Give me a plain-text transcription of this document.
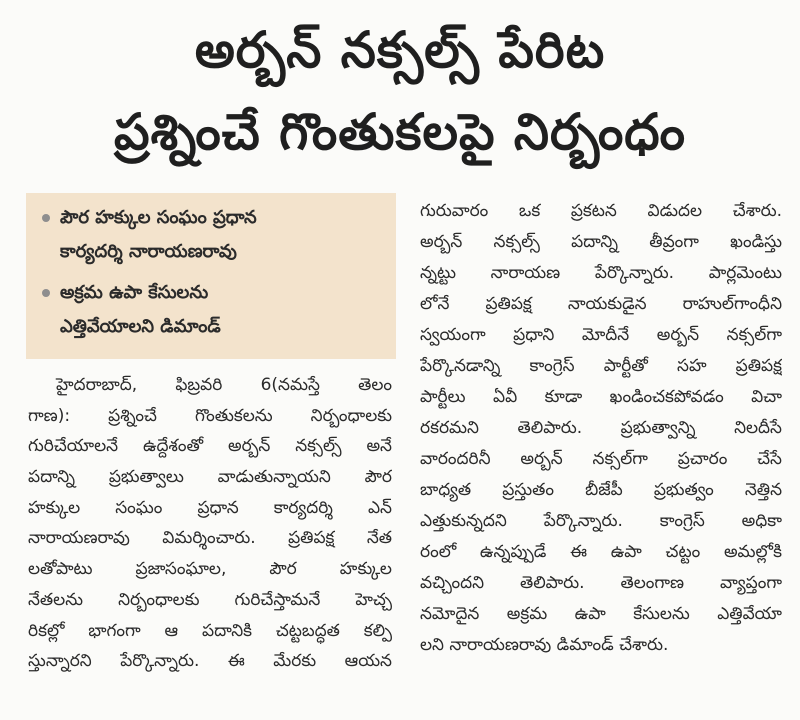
అర్బన్ నక్సల్స్ పేరిట
ప్రశ్నించే గొంతుకలపై నిర్బంధం
పౌర హక్కుల సంఘం ప్రధాన
కార్యదర్శి నారాయణరావు
అక్రమ ఉపా కేసులను
ఎత్తివేయాలని డిమాండ్
హైదరాబాద్, ఫిబ్రవరి 6(నమస్తే తెలం
గాణ): ప్రశ్నించే గొంతుకలను నిర్బంధాలకు
గురిచేయాలనే ఉద్దేశంతో అర్బన్ నక్సల్స్ అనే
పదాన్ని ప్రభుత్వాలు వాడుతున్నాయని పౌర
హక్కుల సంఘం ప్రధాన కార్యదర్శి ఎన్
నారాయణరావు విమర్శించారు. ప్రతిపక్ష నేత
లతోపాటు ప్రజాసంఘాల, పౌర హక్కుల
నేతలను నిర్బంధాలకు గురిచేస్తామనే హెచ్చ
రికల్లో భాగంగా ఆ పదానికి చట్టబద్ధత కల్పి
స్తున్నారని పేర్కొన్నారు. ఈ మేరకు ఆయన
గురువారం ఒక ప్రకటన విడుదల చేశారు.
అర్బన్ నక్సల్స్ పదాన్ని తీవ్రంగా ఖండిస్తు
న్నట్టు నారాయణ పేర్కొన్నారు. పార్లమెంటు
లోనే ప్రతిపక్ష నాయకుడైన రాహుల్‌గాంధీని
స్వయంగా ప్రధాని మోదీనే అర్బన్ నక్సల్‌గా
పేర్కొనడాన్ని కాంగ్రెస్ పార్టీతో సహ ప్రతిపక్ష
పార్టీలు ఏవీ కూడా ఖండించకపోవడం విచా
రకరమని తెలిపారు. ప్రభుత్వాన్ని నిలదీసే
వారందరినీ అర్బన్ నక్సల్‌గా ప్రచారం చేసే
బాధ్యత ప్రస్తుతం బీజేపీ ప్రభుత్వం నెత్తిన
ఎత్తుకున్నదని పేర్కొన్నారు. కాంగ్రెస్ అధికా
రంలో ఉన్నప్పుడే ఈ ఉపా చట్టం అమల్లోకి
వచ్చిందని తెలిపారు. తెలంగాణ వ్యాప్తంగా
నమోదైన అక్రమ ఉపా కేసులను ఎత్తివేయా
లని నారాయణరావు డిమాండ్ చేశారు.
